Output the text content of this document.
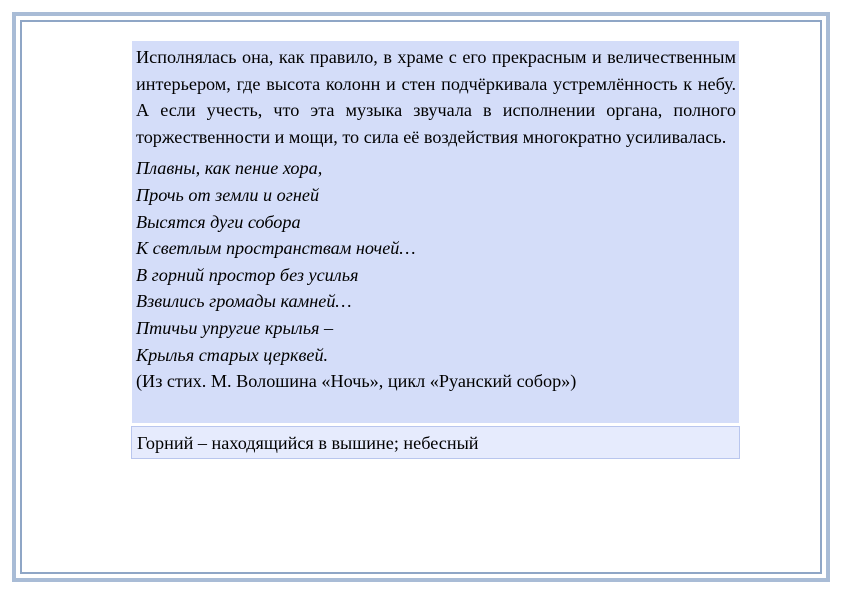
Исполнялась она, как правило, в храме с его прекрасным и величественным интерьером, где высота колонн и стен подчёркивала устремлённость к небу. А если учесть, что эта музыка звучала в исполнении органа, полного торжественности и мощи, то сила её воздействия многократно усиливалась.

Плавны, как пение хора,
Прочь от земли и огней
Высятся дуги собора
К светлым пространствам ночей…
В горний простор без усилья
Взвились громады камней…
Птичьи упругие крылья –
Крылья старых церквей.

(Из стих. М. Волошина «Ночь», цикл «Руанский собор»)

Горний – находящийся в вышине; небесный
